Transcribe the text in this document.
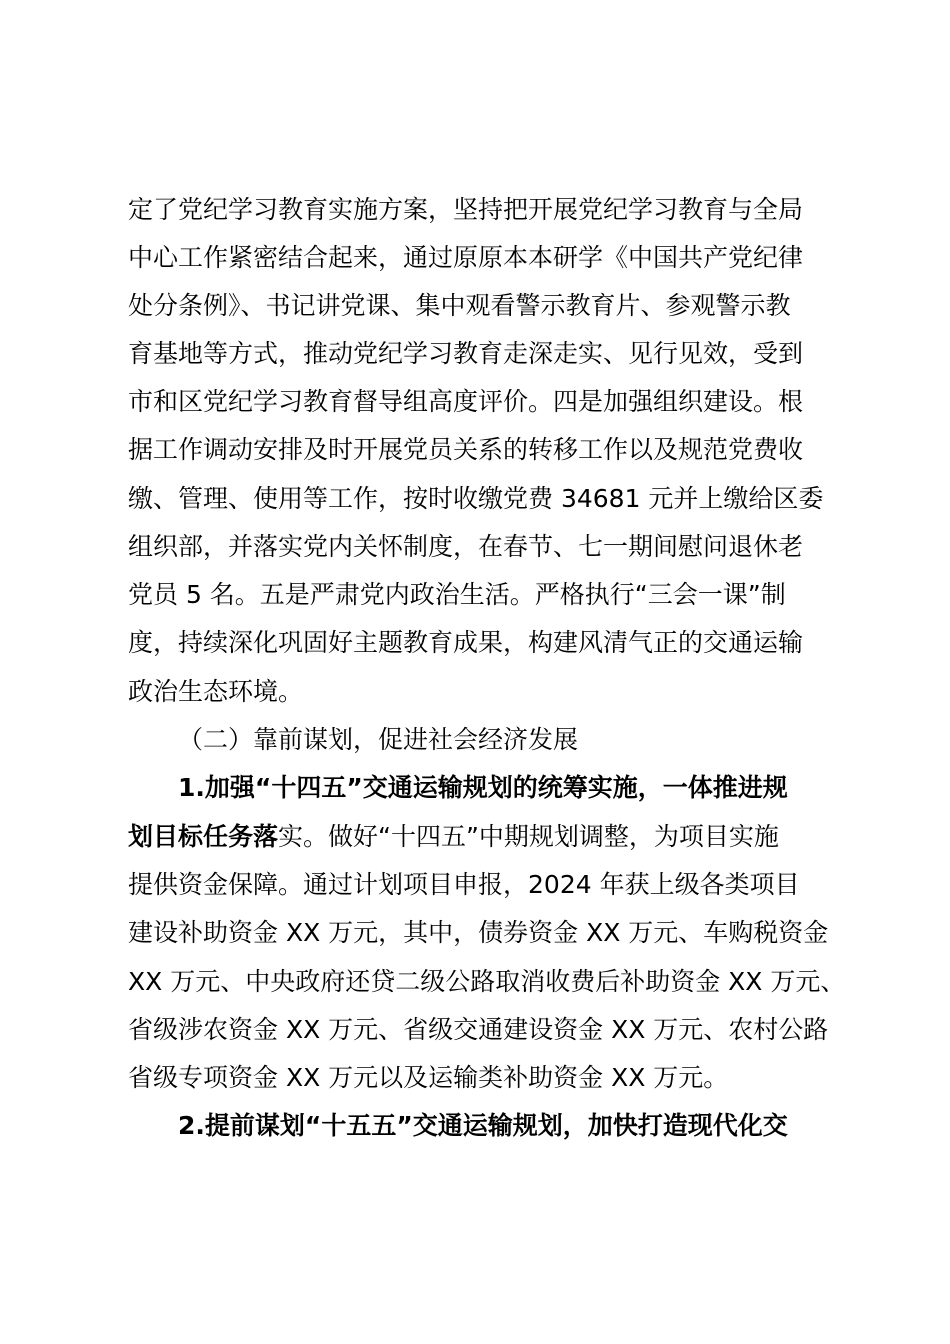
定了党纪学习教育实施方案，坚持把开展党纪学习教育与全局
中心工作紧密结合起来，通过原原本本研学《中国共产党纪律
处分条例》、书记讲党课、集中观看警示教育片、参观警示教
育基地等方式，推动党纪学习教育走深走实、见行见效，受到
市和区党纪学习教育督导组高度评价。四是加强组织建设。根
据工作调动安排及时开展党员关系的转移工作以及规范党费收
缴、管理、使用等工作，按时收缴党费 34681 元并上缴给区委
组织部，并落实党内关怀制度，在春节、七一期间慰问退休老
党员 5 名。五是严肃党内政治生活。严格执行“三会一课”制
度，持续深化巩固好主题教育成果，构建风清气正的交通运输
政治生态环境。
（二）靠前谋划，促进社会经济发展
1.加强“十四五”交通运输规划的统筹实施，一体推进规
划目标任务落实。做好“十四五”中期规划调整，为项目实施
提供资金保障。通过计划项目申报，2024 年获上级各类项目
建设补助资金 XX 万元，其中，债券资金 XX 万元、车购税资金
XX 万元、中央政府还贷二级公路取消收费后补助资金 XX 万元、
省级涉农资金 XX 万元、省级交通建设资金 XX 万元、农村公路
省级专项资金 XX 万元以及运输类补助资金 XX 万元。
2.提前谋划“十五五”交通运输规划，加快打造现代化交
